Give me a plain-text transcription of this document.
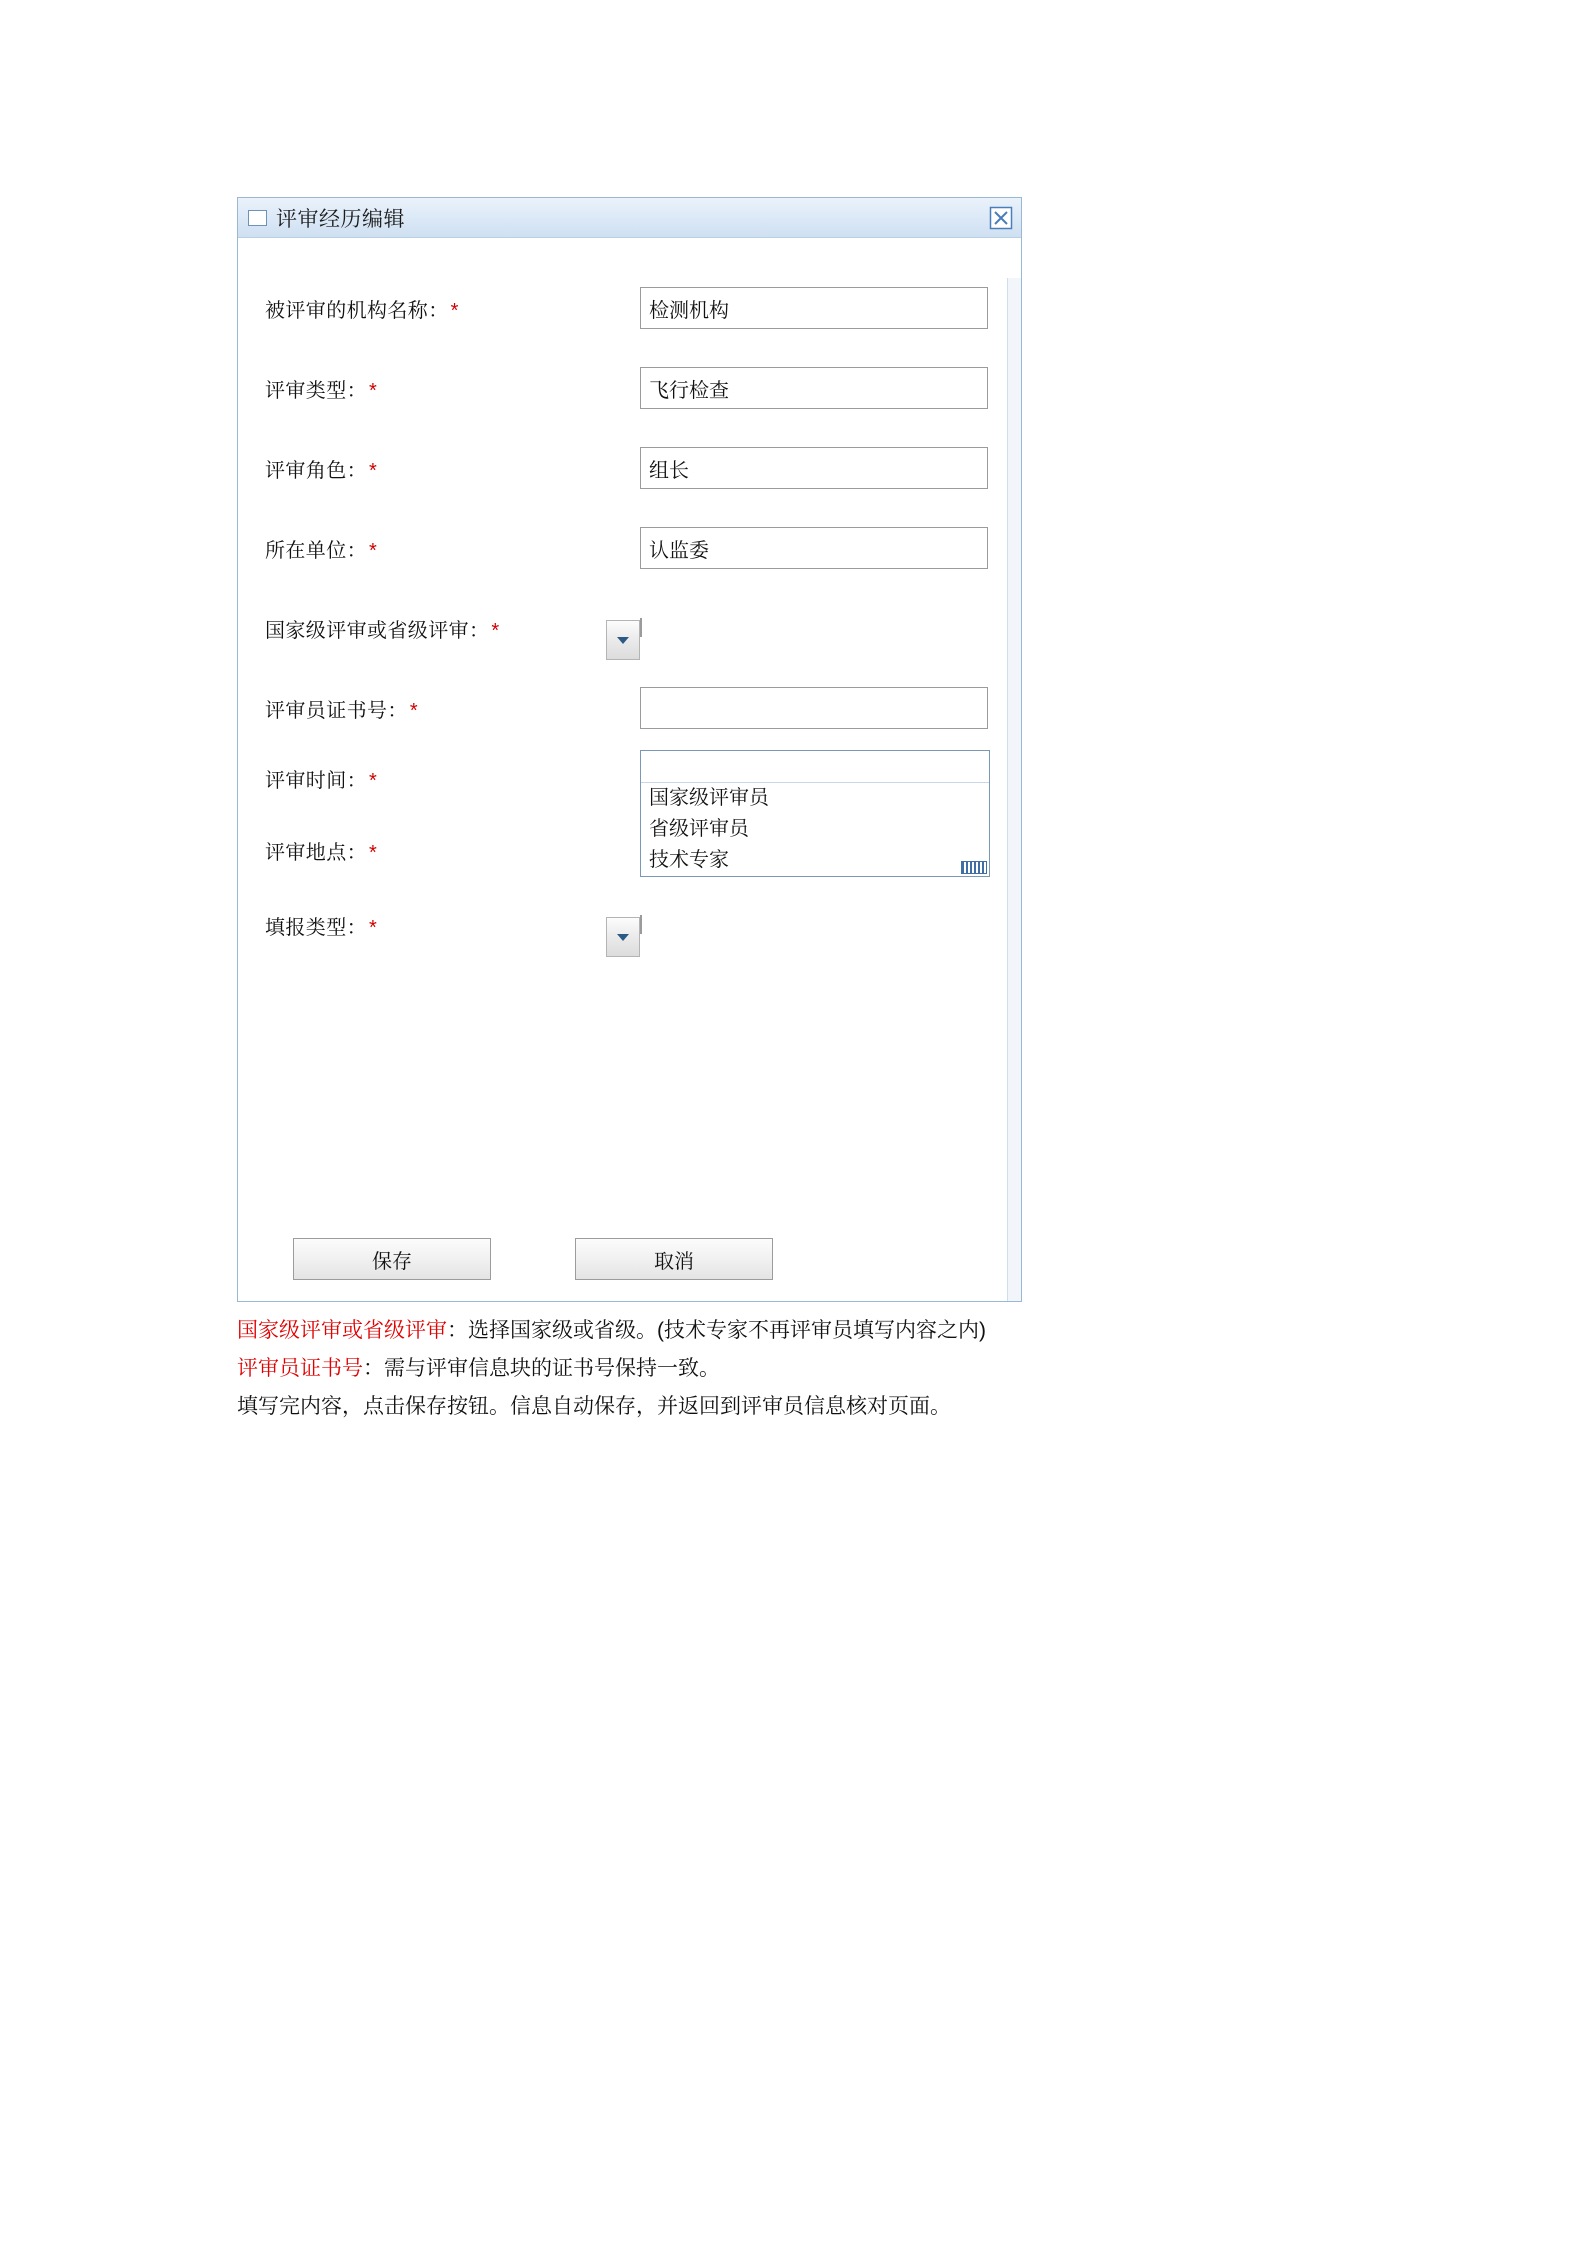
评审经历编辑
被评审的机构名称： *
检测机构
评审类型： *
飞行检查
评审角色： *
组长
所在单位： *
认监委
国家级评审或省级评审： *
评审员证书号： *
评审时间： *
评审地点： *
填报类型： *
国家级评审员
省级评审员
技术专家
保存	取消
国家级评审或省级评审：选择国家级或省级。(技术专家不再评审员填写内容之内)
评审员证书号：需与评审信息块的证书号保持一致。
填写完内容，点击保存按钮。信息自动保存，并返回到评审员信息核对页面。
